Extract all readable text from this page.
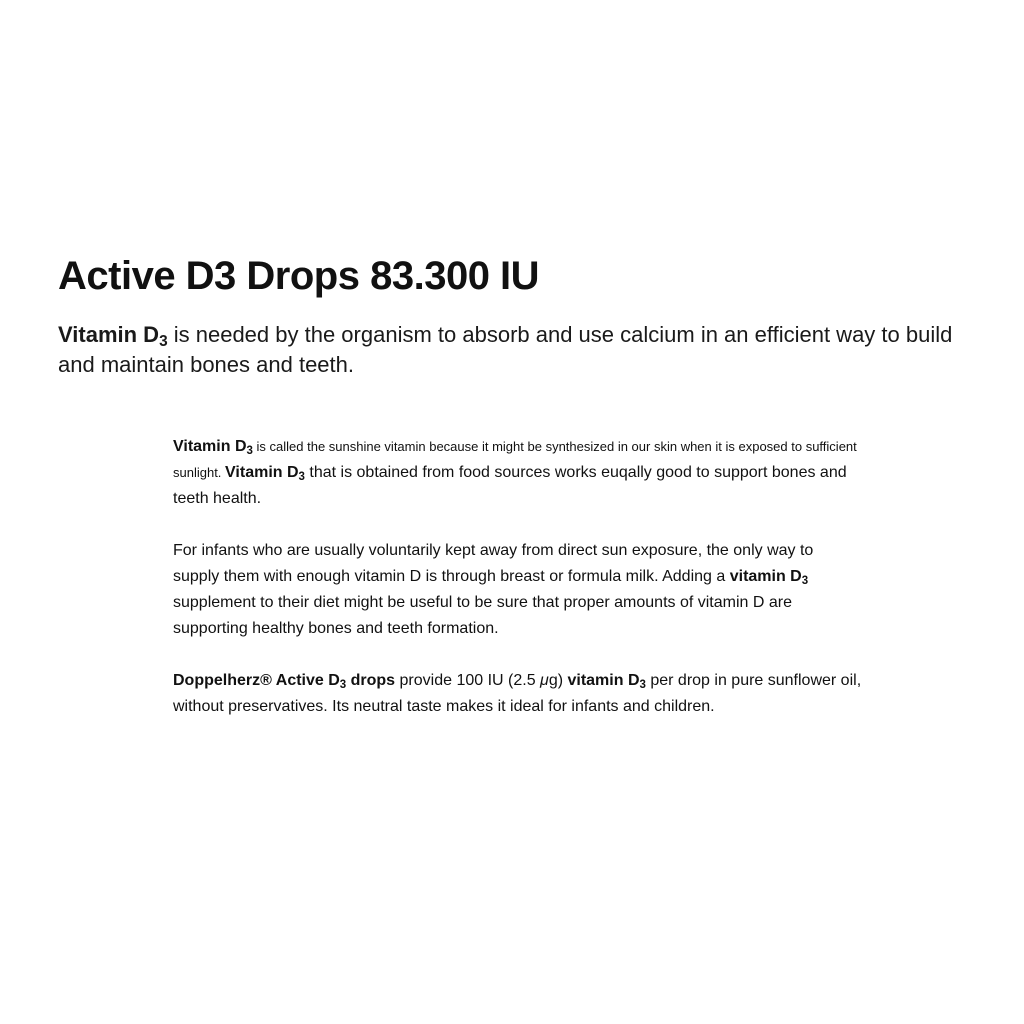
Active D3 Drops 83.300 IU

Vitamin $D_3$ is needed by the organism to absorb and use calcium in an efficient way to build and maintain bones and teeth.

Vitamin $D_3$ is called the sunshine vitamin because it might be synthesized in our skin when it is exposed to sufficient sunlight. Vitamin $D_3$ that is obtained from food sources works euqally good to support bones and teeth health.

For infants who are usually voluntarily kept away from direct sun exposure, the only way to supply them with enough vitamin D is through breast or formula milk. Adding a vitamin $D_3$ supplement to their diet might be useful to be sure that proper amounts of vitamin D are supporting healthy bones and teeth formation.

Doppelherz® Active $D_3$ drops provide 100 IU (2.5 μg) vitamin $D_3$ per drop in pure sunflower oil, without preservatives. Its neutral taste makes it ideal for infants and children.
